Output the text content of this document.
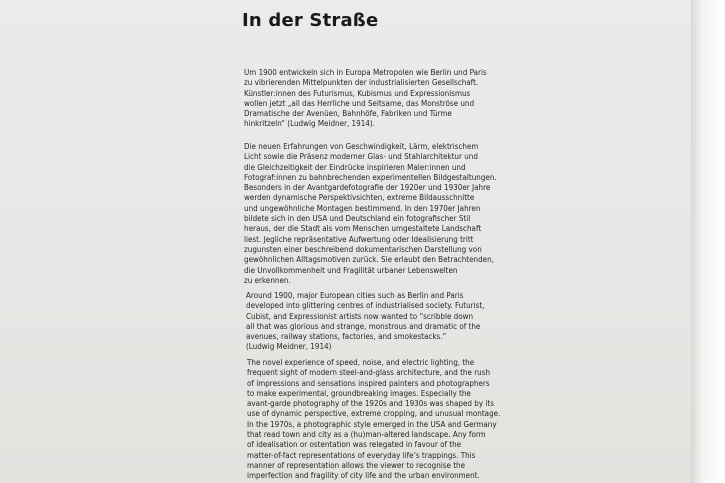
In der Straße

Um 1900 entwickeln sich in Europa Metropolen wie Berlin und Paris
zu vibrierenden Mittelpunkten der industrialisierten Gesellschaft.
Künstler:innen des Futurismus, Kubismus und Expressionismus
wollen jetzt „all das Herrliche und Seltsame, das Monströse und
Dramatische der Avenüen, Bahnhöfe, Fabriken und Türme
hinkritzeln“ (Ludwig Meidner, 1914).

Die neuen Erfahrungen von Geschwindigkeit, Lärm, elektrischem
Licht sowie die Präsenz moderner Glas- und Stahlarchitektur und
die Gleichzeitigkeit der Eindrücke inspirieren Maler:innen und
Fotograf:innen zu bahnbrechenden experimentellen Bildgestaltungen.
Besonders in der Avantgardefotografie der 1920er und 1930er Jahre
werden dynamische Perspektivsichten, extreme Bildausschnitte
und ungewöhnliche Montagen bestimmend. In den 1970er Jahren
bildete sich in den USA und Deutschland ein fotografischer Stil
heraus, der die Stadt als vom Menschen umgestaltete Landschaft
liest. Jegliche repräsentative Aufwertung oder Idealisierung tritt
zugunsten einer beschreibend dokumentarischen Darstellung von
gewöhnlichen Alltagsmotiven zurück. Sie erlaubt den Betrachtenden,
die Unvollkommenheit und Fragilität urbaner Lebenswelten
zu erkennen.

Around 1900, major European cities such as Berlin and Paris
developed into glittering centres of industrialised society. Futurist,
Cubist, and Expressionist artists now wanted to “scribble down
all that was glorious and strange, monstrous and dramatic of the
avenues, railway stations, factories, and smokestacks.”
(Ludwig Meidner, 1914)

The novel experience of speed, noise, and electric lighting, the
frequent sight of modern steel-and-glass architecture, and the rush
of impressions and sensations inspired painters and photographers
to make experimental, groundbreaking images. Especially the
avant-garde photography of the 1920s and 1930s was shaped by its
use of dynamic perspective, extreme cropping, and unusual montage.
In the 1970s, a photographic style emerged in the USA and Germany
that read town and city as a (hu)man-altered landscape. Any form
of idealisation or ostentation was relegated in favour of the
matter-of-fact representations of everyday life’s trappings. This
manner of representation allows the viewer to recognise the
imperfection and fragility of city life and the urban environment.
